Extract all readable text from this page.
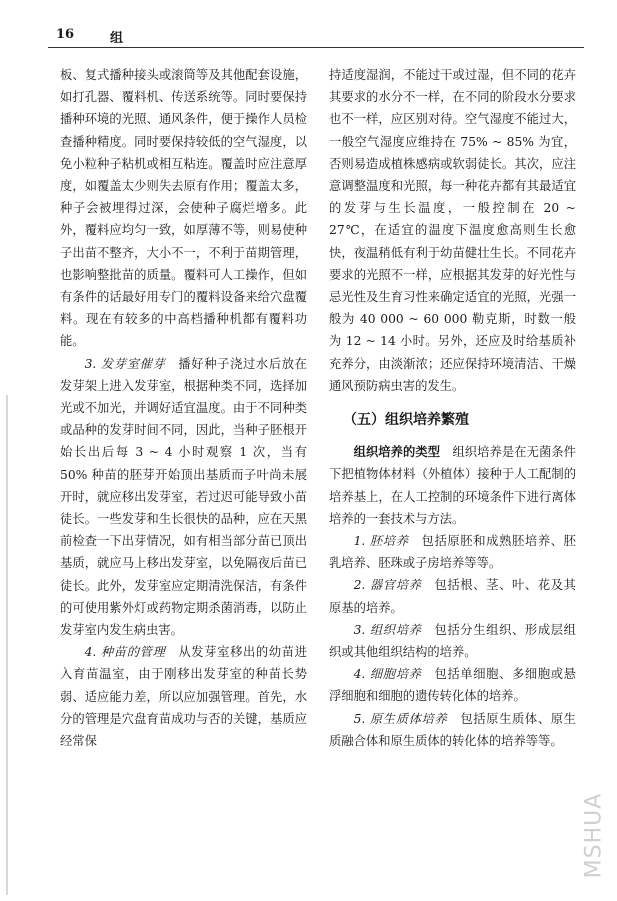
16	组

板、复式播种接头或滚筒等及其他配套设施，如打孔器、覆料机、传送系统等。同时要保持播种环境的光照、通风条件，便于操作人员检查播种精度。同时要保持较低的空气湿度，以免小粒种子粘机或相互粘连。覆盖时应注意厚度，如覆盖太少则失去原有作用；覆盖太多，种子会被埋得过深，会使种子腐烂增多。此外，覆料应均匀一致，如厚薄不等，则易使种子出苗不整齐，大小不一，不利于苗期管理，也影响整批苗的质量。覆料可人工操作，但如有条件的话最好用专门的覆料设备来给穴盘覆料。现在有较多的中高档播种机都有覆料功能。

3. 发芽室催芽　 播好种子浇过水后放在发芽架上进入发芽室，根据种类不同，选择加光或不加光，并调好适宜温度。由于不同种类或品种的发芽时间不同，因此，当种子胚根开始长出后每 3 ~ 4 小时观察 1 次，当有 50% 种苗的胚芽开始顶出基质而子叶尚未展开时，就应移出发芽室，若过迟可能导致小苗徒长。一些发芽和生长很快的品种，应在天黑前检查一下出芽情况，如有相当部分苗已顶出基质，就应马上移出发芽室，以免隔夜后苗已徒长。此外，发芽室应定期清洗保洁，有条件的可使用紫外灯或药物定期杀菌消毒，以防止发芽室内发生病虫害。

4. 种苗的管理　 从发芽室移出的幼苗进入育苗温室，由于刚移出发芽室的种苗长势弱、适应能力差，所以应加强管理。首先，水分的管理是穴盘育苗成功与否的关键，基质应经常保

持适度湿润，不能过干或过湿，但不同的花卉其要求的水分不一样，在不同的阶段水分要求也不一样，应区别对待。空气湿度不能过大，一般空气湿度应维持在 75% ~ 85% 为宜，否则易造成植株感病或软弱徒长。其次，应注意调整温度和光照，每一种花卉都有其最适宜的发芽与生长温度，一般控制在 20 ~ 27℃，在适宜的温度下温度愈高则生长愈快，夜温稍低有利于幼苗健壮生长。不同花卉要求的光照不一样，应根据其发芽的好光性与忌光性及生育习性来确定适宜的光照，光强一般为 40 000 ~ 60 000 勒克斯，时数一般为 12 ~ 14 小时。另外，还应及时给基质补充养分，由淡渐浓；还应保持环境清洁、干燥通风预防病虫害的发生。

（五）组织培养繁殖

组织培养的类型　 组织培养是在无菌条件下把植物体材料（外植体）接种于人工配制的培养基上，在人工控制的环境条件下进行离体培养的一套技术与方法。

1. 胚培养　 包括原胚和成熟胚培养、胚乳培养、胚珠或子房培养等等。

2. 器官培养　 包括根、茎、叶、花及其原基的培养。

3. 组织培养　 包括分生组织、形成层组织或其他组织结构的培养。

4. 细胞培养　 包括单细胞、多细胞或悬浮细胞和细胞的遗传转化体的培养。

5. 原生质体培养　 包括原生质体、原生质融合体和原生质体的转化体的培养等等。

MSHUA
